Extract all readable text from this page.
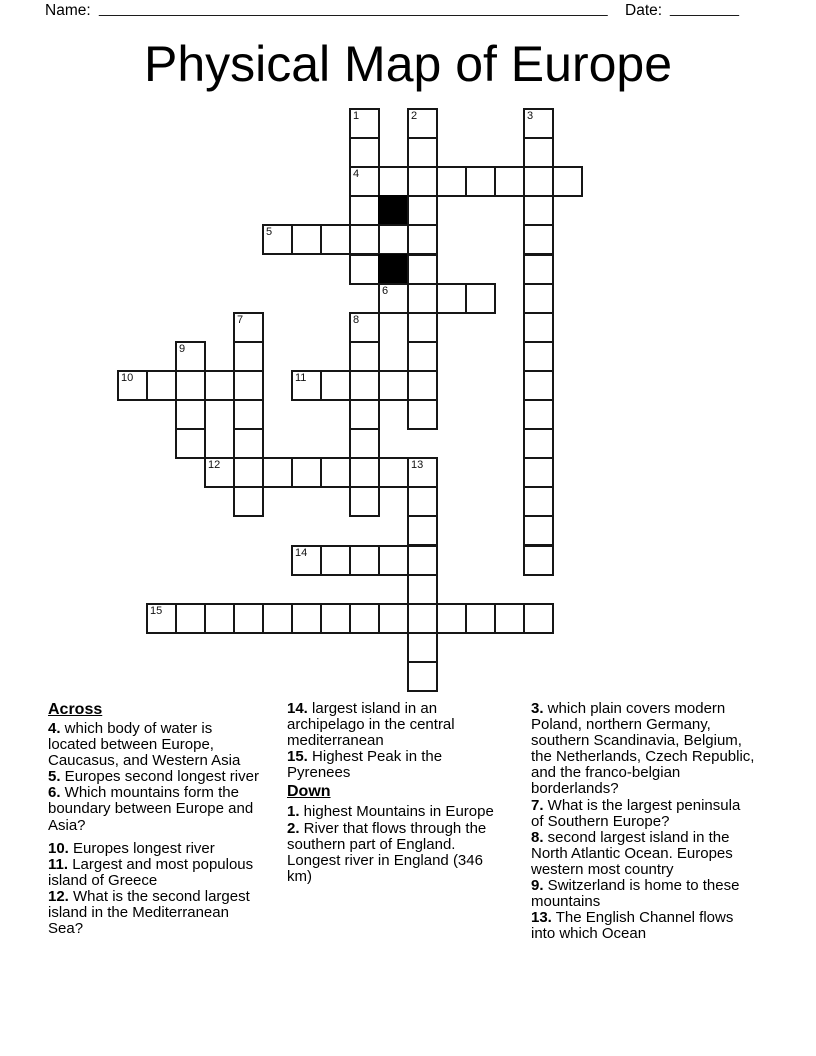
Name: ___________________________________________________________ Date: ________
Physical Map of Europe
1	2	3
4
5
6
7	8
9
10	11
12	13
14
15
Across

4. which body of water is located between Europe, Caucasus, and Western Asia

5. Europes second longest river

6. Which mountains form the boundary between Europe and Asia?

10. Europes longest river

11. Largest and most populous island of Greece

12. What is the second largest island in the Mediterranean Sea?

14. largest island in an archipelago in the central mediterranean

15. Highest Peak in the Pyrenees

Down

1. highest Mountains in Europe

2. River that flows through the southern part of England. Longest river in England (346 km)

3. which plain covers modern Poland, northern Germany, southern Scandinavia, Belgium, the Netherlands, Czech Republic, and the franco-belgian borderlands?

7. What is the largest peninsula of Southern Europe?

8. second largest island in the North Atlantic Ocean. Europes western most country

9. Switzerland is home to these mountains

13. The English Channel flows into which Ocean
